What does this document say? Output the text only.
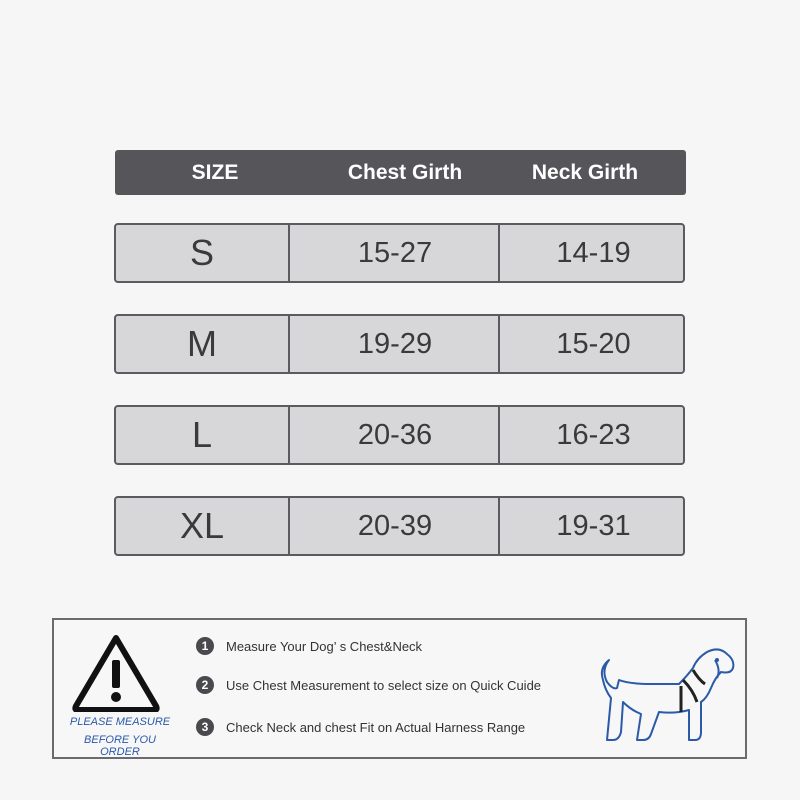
SIZE	Chest Girth	Neck Girth
S	15-27	14-19
M	19-29	15-20
L	20-36	16-23
XL	20-39	19-31
PLEASE MEASURE
BEFORE YOU ORDER
1	Measure Your Dog’ s Chest&Neck
2	Use Chest Measurement to select size on Quick Cuide
3	Check Neck and chest Fit on Actual Harness Range
